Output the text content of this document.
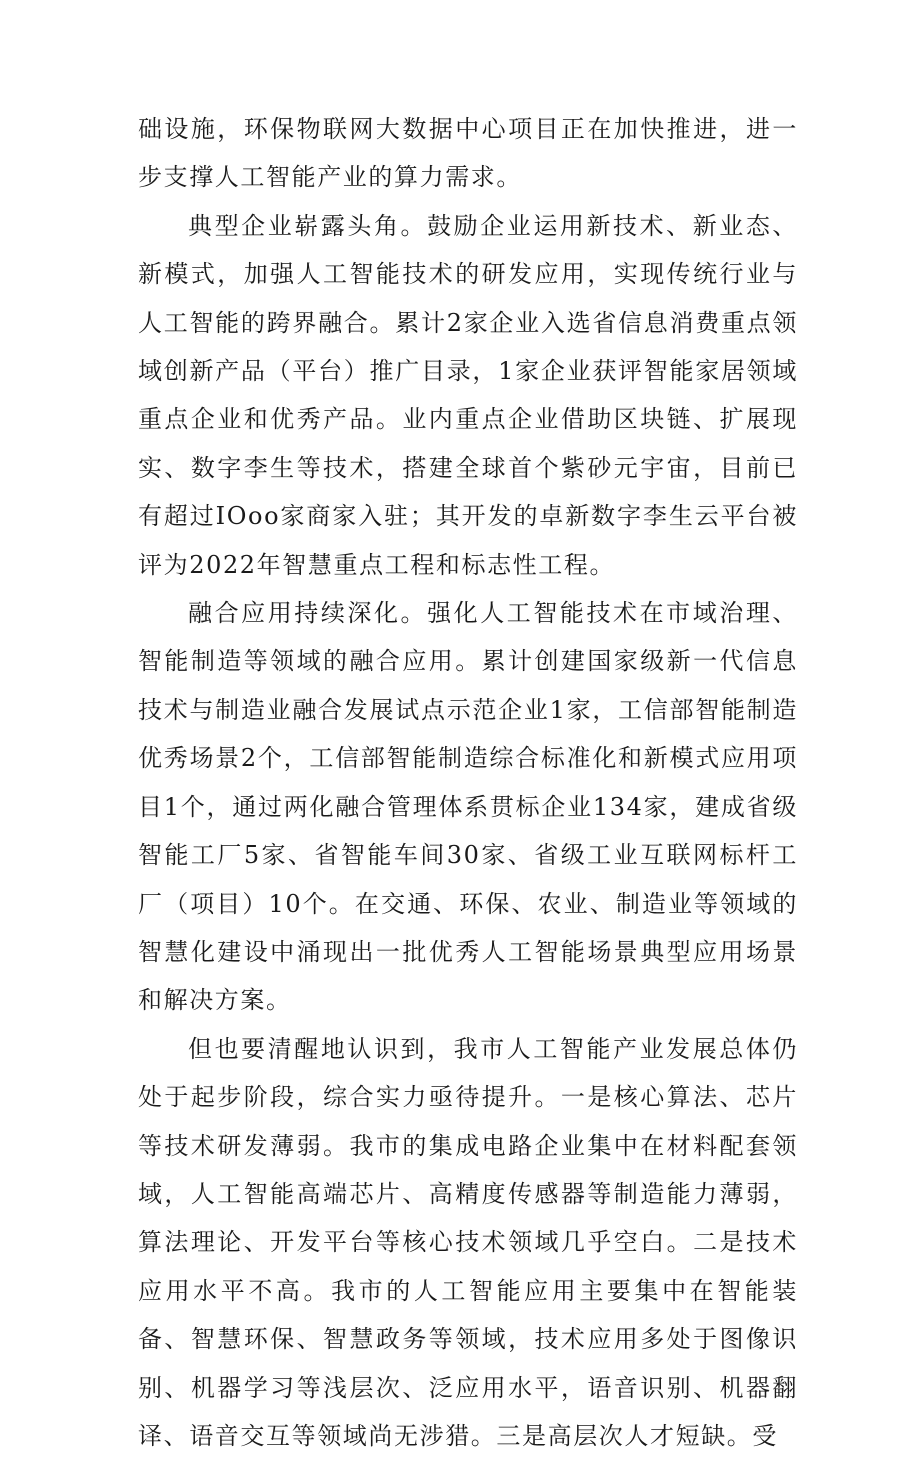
础设施，环保物联网大数据中心项目正在加快推进，进一步支撑人工智能产业的算力需求。

典型企业崭露头角。鼓励企业运用新技术、新业态、新模式，加强人工智能技术的研发应用，实现传统行业与人工智能的跨界融合。累计2家企业入选省信息消费重点领域创新产品（平台）推广目录，1家企业获评智能家居领域重点企业和优秀产品。业内重点企业借助区块链、扩展现实、数字李生等技术，搭建全球首个紫砂元宇宙，目前已有超过IOoo家商家入驻；其开发的卓新数字李生云平台被评为2022年智慧重点工程和标志性工程。

融合应用持续深化。强化人工智能技术在市域治理、智能制造等领域的融合应用。累计创建国家级新一代信息技术与制造业融合发展试点示范企业1家，工信部智能制造优秀场景2个，工信部智能制造综合标准化和新模式应用项目1个，通过两化融合管理体系贯标企业134家，建成省级智能工厂5家、省智能车间30家、省级工业互联网标杆工厂（项目）10个。在交通、环保、农业、制造业等领域的智慧化建设中涌现出一批优秀人工智能场景典型应用场景和解决方案。

但也要清醒地认识到，我市人工智能产业发展总体仍处于起步阶段，综合实力亟待提升。一是核心算法、芯片等技术研发薄弱。我市的集成电路企业集中在材料配套领域，人工智能高端芯片、高精度传感器等制造能力薄弱，算法理论、开发平台等核心技术领域几乎空白。二是技术应用水平不高。我市的人工智能应用主要集中在智能装备、智慧环保、智慧政务等领域，技术应用多处于图像识别、机器学习等浅层次、泛应用水平，语音识别、机器翻译、语音交互等领域尚无涉猎。三是高层次人才短缺。受
